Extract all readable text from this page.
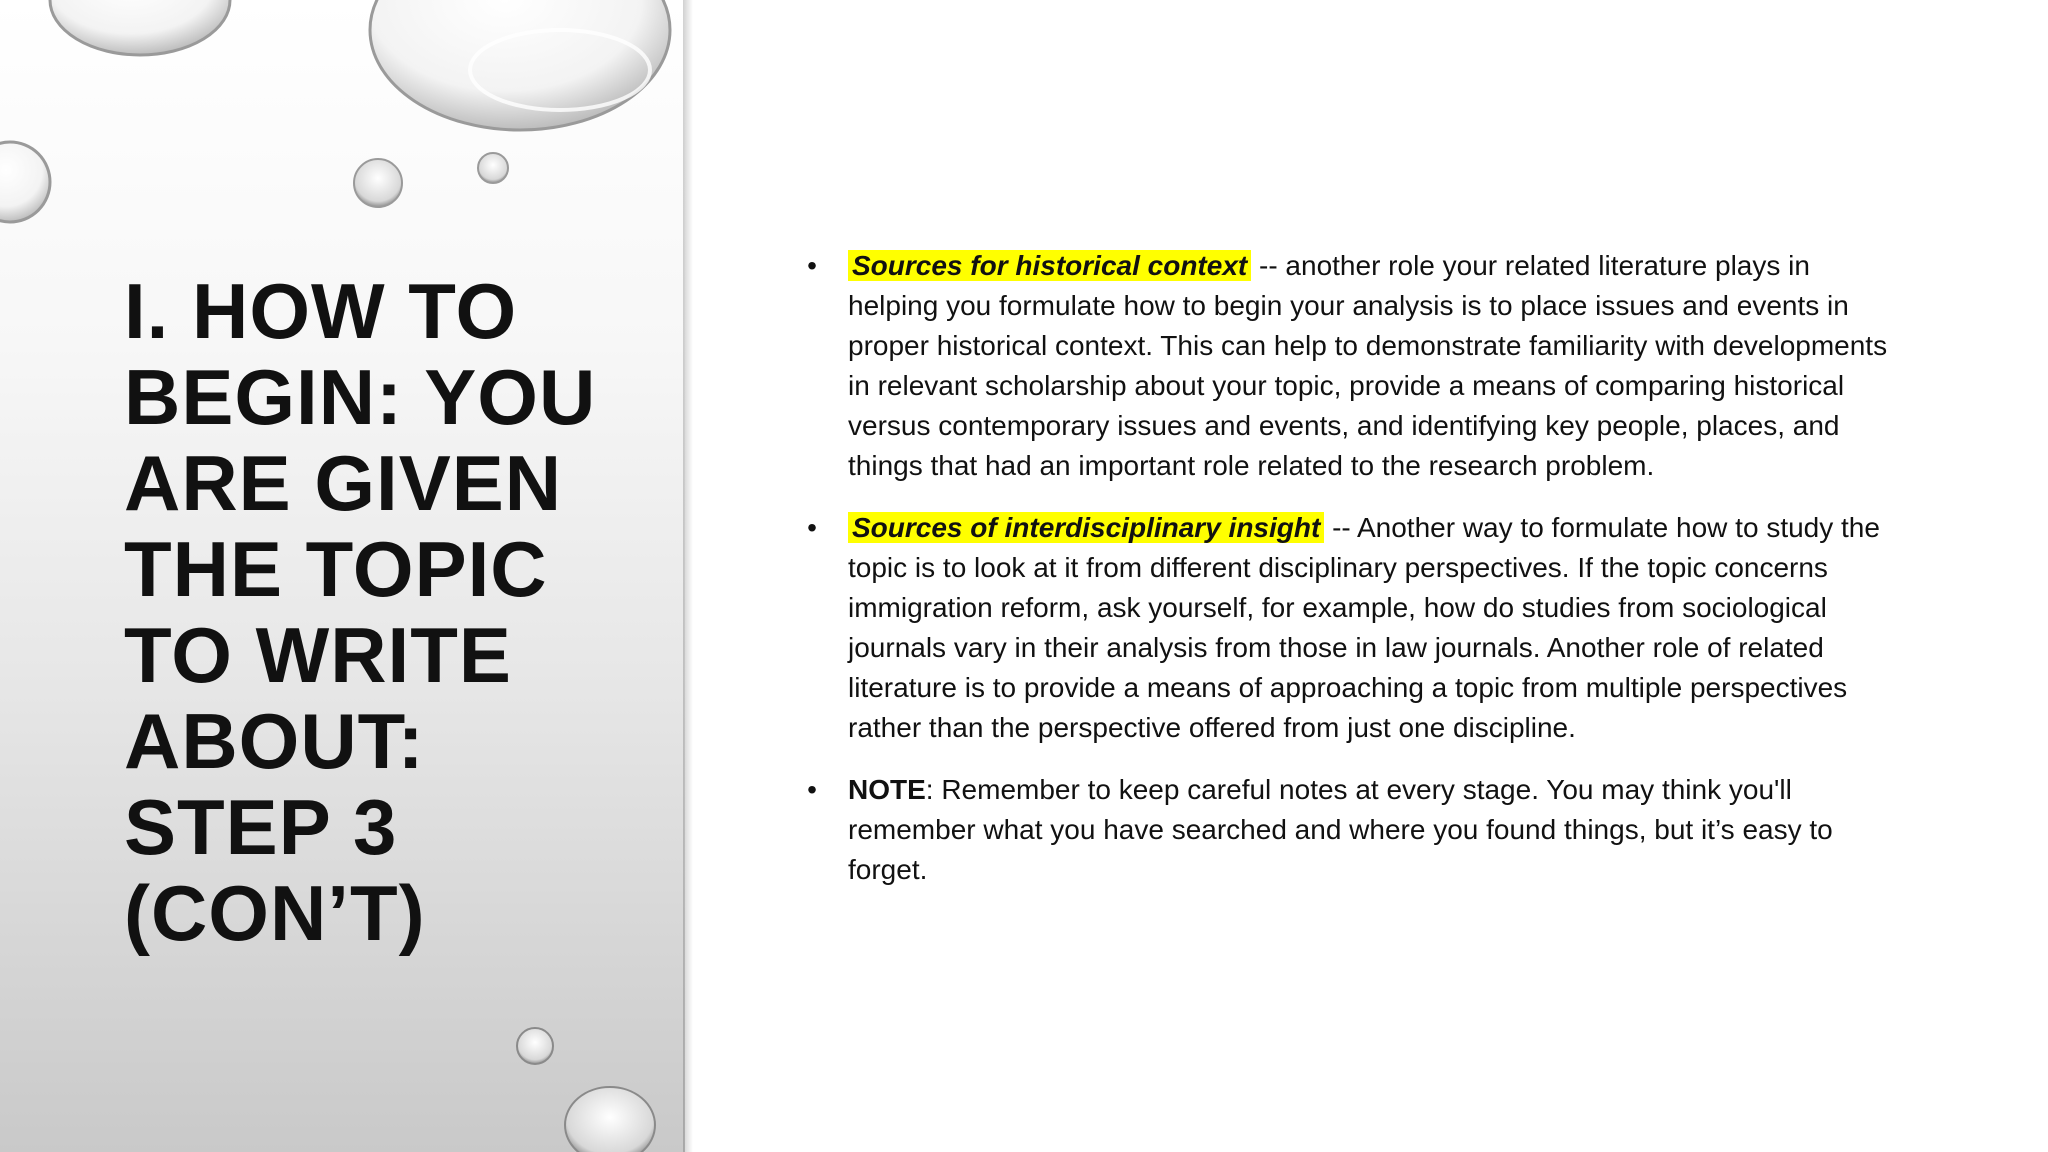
I. HOW TO BEGIN: YOU ARE GIVEN THE TOPIC TO WRITE ABOUT: STEP 3 (CON’T)

• Sources for historical context -- another role your related literature plays in helping you formulate how to begin your analysis is to place issues and events in proper historical context. This can help to demonstrate familiarity with developments in relevant scholarship about your topic, provide a means of comparing historical versus contemporary issues and events, and identifying key people, places, and things that had an important role related to the research problem.

• Sources of interdisciplinary insight -- Another way to formulate how to study the topic is to look at it from different disciplinary perspectives. If the topic concerns immigration reform, ask yourself, for example, how do studies from sociological journals vary in their analysis from those in law journals. Another role of related literature is to provide a means of approaching a topic from multiple perspectives rather than the perspective offered from just one discipline.

• NOTE: Remember to keep careful notes at every stage. You may think you'll remember what you have searched and where you found things, but it’s easy to forget.
